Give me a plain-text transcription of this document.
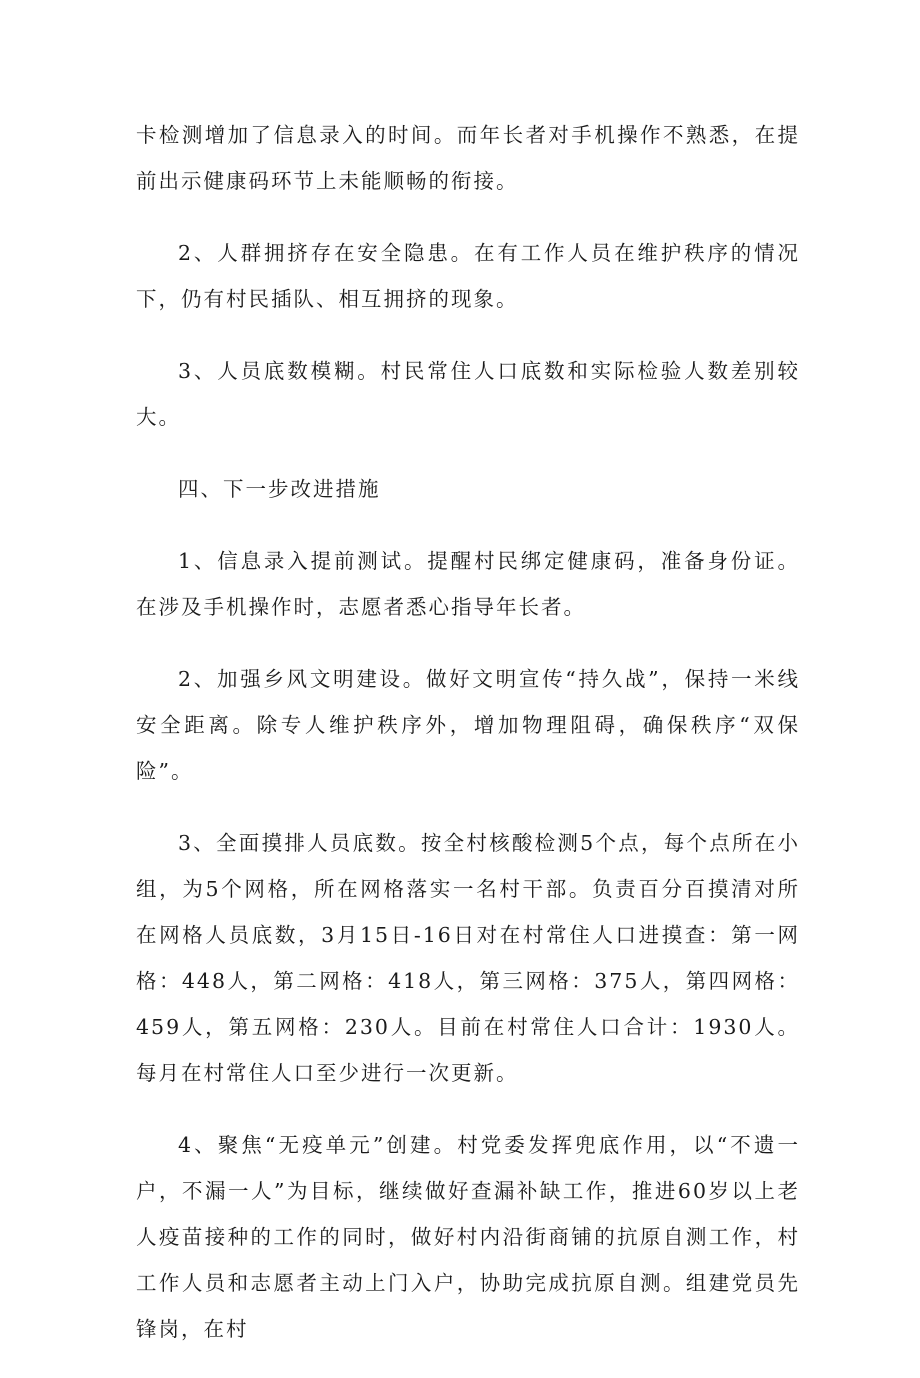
卡检测增加了信息录入的时间。而年长者对手机操作不熟悉，在提前出示健康码环节上未能顺畅的衔接。

2、人群拥挤存在安全隐患。在有工作人员在维护秩序的情况下，仍有村民插队、相互拥挤的现象。

3、人员底数模糊。村民常住人口底数和实际检验人数差别较大。

四、下一步改进措施

1、信息录入提前测试。提醒村民绑定健康码，准备身份证。在涉及手机操作时，志愿者悉心指导年长者。

2、加强乡风文明建设。做好文明宣传“持久战”，保持一米线安全距离。除专人维护秩序外，增加物理阻碍，确保秩序“双保险”。

3、全面摸排人员底数。按全村核酸检测5个点，每个点所在小组，为5个网格，所在网格落实一名村干部。负责百分百摸清对所在网格人员底数，3月15日-16日对在村常住人口进摸查：第一网格：448人，第二网格：418人，第三网格：375人，第四网格：459人，第五网格：230人。目前在村常住人口合计：1930人。每月在村常住人口至少进行一次更新。

4、聚焦“无疫单元”创建。村党委发挥兜底作用，以“不遗一户，不漏一人”为目标，继续做好查漏补缺工作，推进60岁以上老人疫苗接种的工作的同时，做好村内沿街商铺的抗原自测工作，村工作人员和志愿者主动上门入户，协助完成抗原自测。组建党员先锋岗，在村
